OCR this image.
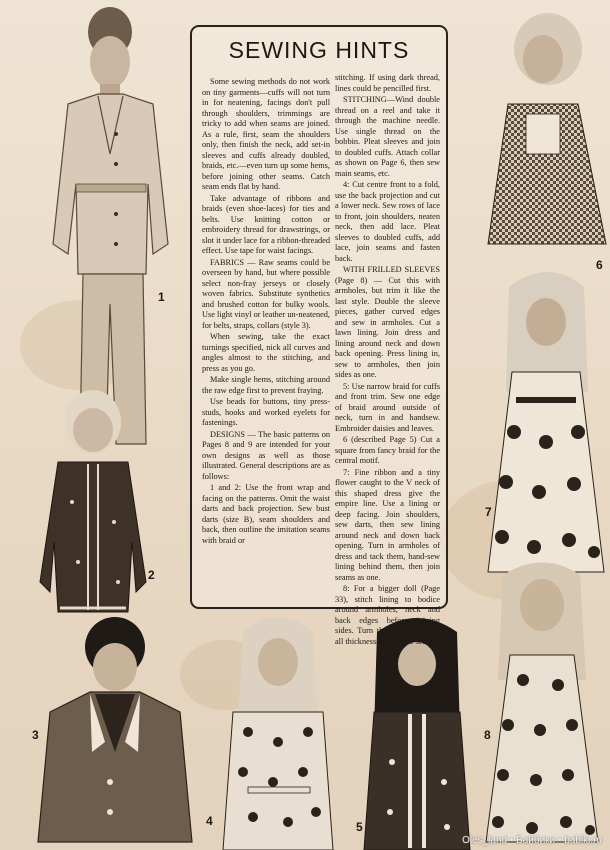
1
2
3
4	5
6
7
8
SEWING HINTS

Some sewing methods do not work on tiny garments—cuffs will not turn in for neatening, facings don't pull through shoulders, trimmings are tricky to add when seams are joined. As a rule, first, seam the shoulders only, then finish the neck, add set-in sleeves and cuffs already doubled, braids, etc.—even turn up some hems, before joining other seams. Catch seam ends flat by hand.

Take advantage of ribbons and braids (even shoe-laces) for ties and belts. Use knitting cotton or embroidery thread for drawstrings, or slot it under lace for a ribbon-threaded effect. Use tape for waist facings.

FABRICS — Raw seams could be overseen by hand, but where possible select non-fray jerseys or closely woven fabrics. Substitute synthetics and brushed cotton for bulky wools. Use light vinyl or leather un-neatened, for belts, straps, collars (style 3).

When sewing, take the exact turnings specified, nick all curves and angles almost to the stitching, and press as you go.

Make single hems, stitching around the raw edge first to prevent fraying.

Use beads for buttons, tiny press-studs, hooks and worked eyelets for fastenings.

DESIGNS — The basic patterns on Pages 8 and 9 are intended for your own designs as well as those illustrated. General descriptions are as follows:

1 and 2: Use the front wrap and facing on the patterns. Omit the waist darts and back projection. Sew bust darts (size B), seam shoulders and back, then outline the imitation seams with braid or

stitching. If using dark thread, lines could be pencilled first.

STITCHING—Wind double thread on a reel and take it through the machine needle. Use single thread on the bobbin. Pleat sleeves and join to doubled cuffs. Attach collar as shown on Page 6, then sew main seams, etc.

4: Cut centre front to a fold, use the back projection and cut a lower neck. Sew rows of lace to front, join shoulders, neaten neck, then add lace. Pleat sleeves to doubled cuffs, add lace, join seams and fasten back.

WITH FRILLED SLEEVES (Page 8) — Cut this with armholes, but trim it like the last style. Double the sleeve pieces, gather curved edges and sew in armholes. Cut a lawn lining. Join dress and lining around neck and down back opening. Press lining in, sew to armholes, then join sides as one.

5: Use narrow braid for cuffs and front trim. Sew one edge of braid around outside of neck, turn in and handsew. Embroider daisies and leaves.

6 (described Page 5) Cut a square from fancy braid for the central motif.

7: Fine ribbon and a tiny flower caught to the V neck of this shaped dress give the empire line. Use a lining or deep facing. Join shoulders, sew darts, then sew lining around neck and down back opening. Turn in armholes of dress and tack them, hand-sew lining behind them, then join seams as one.

8: For a bigger doll (Page 33), stitch lining to bodice around armholes, neck and back edges before joining sides. Turn through and stitch all thicknesses into side seams.

Oles_land • Байбики • babiki.ru
